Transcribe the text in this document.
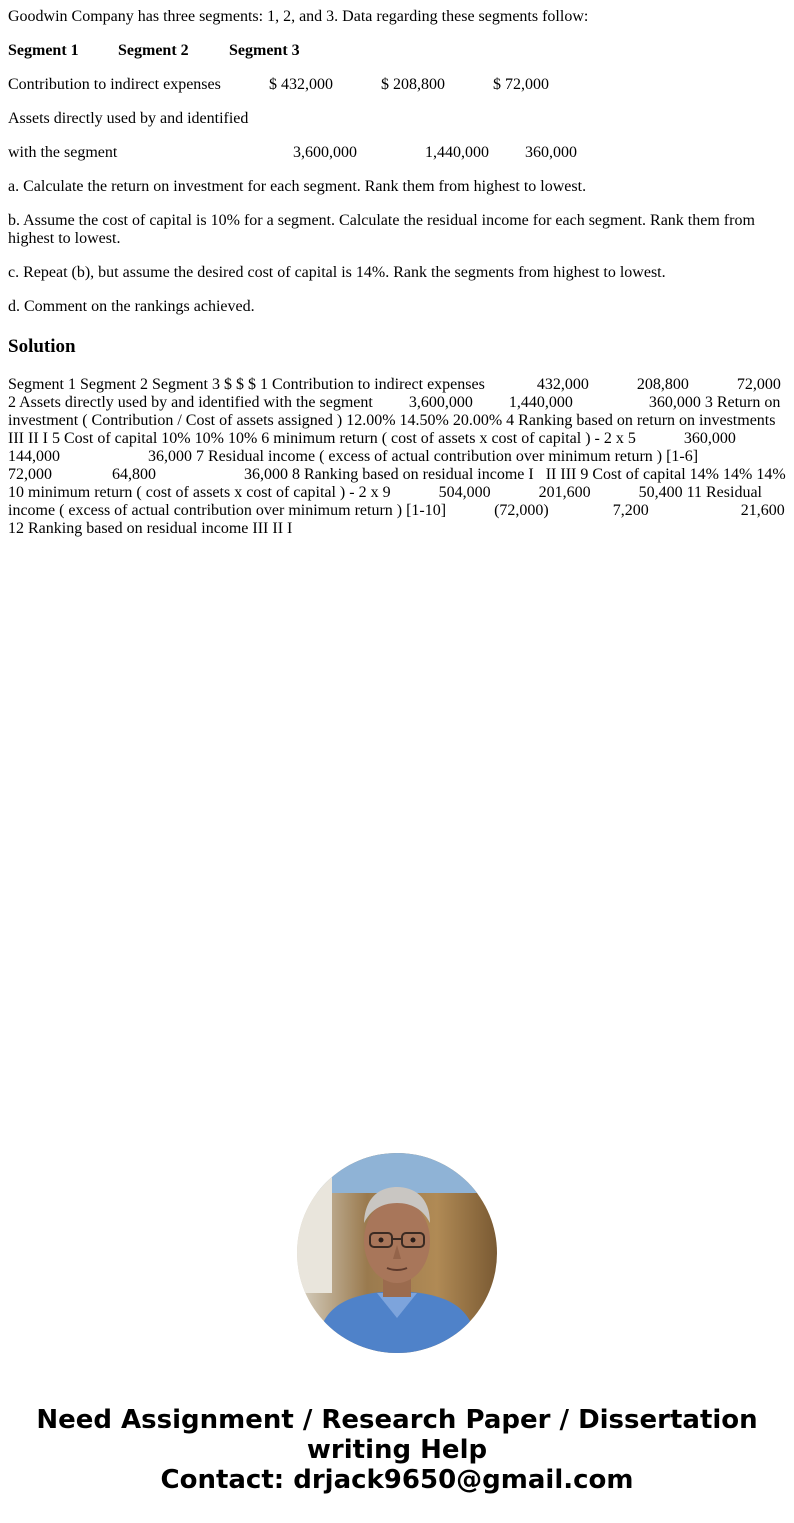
Goodwin Company has three segments: 1, 2, and 3. Data regarding these segments follow:

Segment 1 Segment 2	Segment 3
Contribution to indirect expenses	$ 432,000	$ 208,800	$ 72,000

Assets directly used by and identified

with the segment	3,600,000	1,440,000 360,000

a. Calculate the return on investment for each segment. Rank them from highest to lowest.

b. Assume the cost of capital is 10% for a segment. Calculate the residual income for each segment. Rank them from highest to lowest.

c. Repeat (b), but assume the desired cost of capital is 14%. Rank the segments from highest to lowest.

d. Comment on the rankings achieved.

Solution
Segment 1 Segment 2 Segment 3 $ $ $ 1 Contribution to indirect expenses             432,000            208,800            72,000 2 Assets directly used by and identified with the segment         3,600,000         1,440,000                   360,000 3 Return on investment ( Contribution / Cost of assets assigned ) 12.00% 14.50% 20.00% 4 Ranking based on return on investments III II I 5 Cost of capital 10% 10% 10% 6 minimum return ( cost of assets x cost of capital ) - 2 x 5            360,000            144,000                      36,000 7 Residual income ( excess of actual contribution over minimum return ) [1-6]              72,000               64,800                      36,000 8 Ranking based on residual income I   II III 9 Cost of capital 14% 14% 14% 10 minimum return ( cost of assets x cost of capital ) - 2 x 9            504,000            201,600            50,400 11 Residual income ( excess of actual contribution over minimum return ) [1-10]            (72,000)                7,200                       21,600 12 Ranking based on residual income III II I
Need Assignment / Research Paper / Dissertation
writing Help
Contact: drjack9650@gmail.com
